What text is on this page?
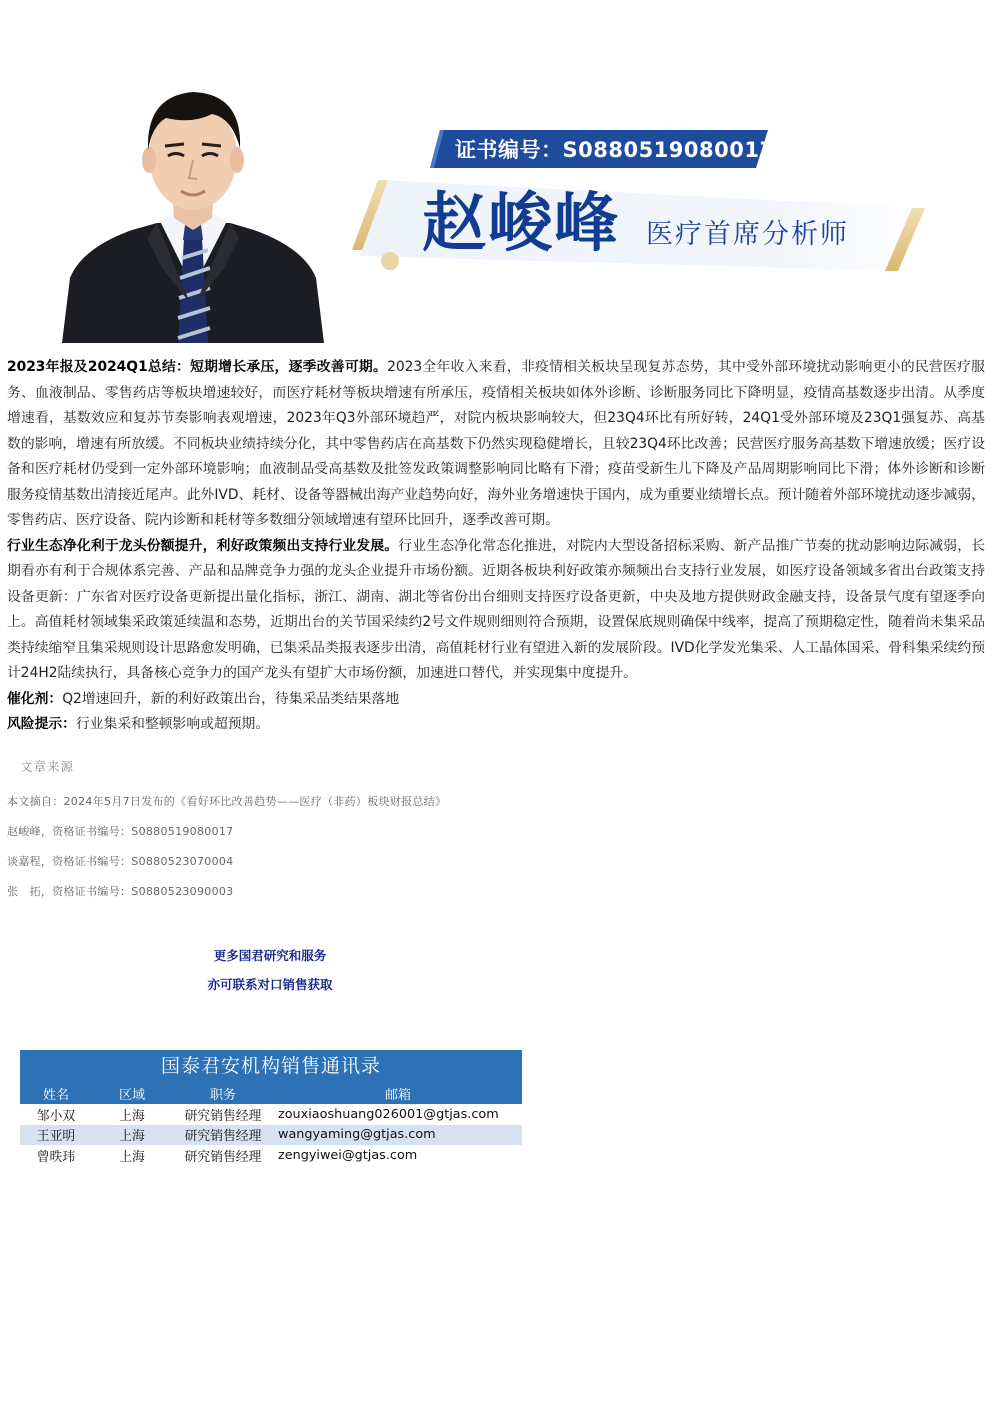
证书编号：S0880519080017
赵峻峰 医疗首席分析师

2023年报及2024Q1总结：短期增长承压，逐季改善可期。2023全年收入来看，非疫情相关板块呈现复苏态势，其中受外部环境扰动影响更小的民营医疗服务、血液制品、零售药店等板块增速较好，而医疗耗材等板块增速有所承压，疫情相关板块如体外诊断、诊断服务同比下降明显，疫情高基数逐步出清。从季度增速看，基数效应和复苏节奏影响表观增速，2023年Q3外部环境趋严，对院内板块影响较大，但23Q4环比有所好转，24Q1受外部环境及23Q1强复苏、高基数的影响，增速有所放缓。不同板块业绩持续分化，其中零售药店在高基数下仍然实现稳健增长，且较23Q4环比改善；民营医疗服务高基数下增速放缓；医疗设备和医疗耗材仍受到一定外部环境影响；血液制品受高基数及批签发政策调整影响同比略有下滑；疫苗受新生儿下降及产品周期影响同比下滑；体外诊断和诊断服务疫情基数出清接近尾声。此外IVD、耗材、设备等器械出海产业趋势向好，海外业务增速快于国内，成为重要业绩增长点。预计随着外部环境扰动逐步减弱，零售药店、医疗设备、院内诊断和耗材等多数细分领域增速有望环比回升，逐季改善可期。

行业生态净化利于龙头份额提升，利好政策频出支持行业发展。行业生态净化常态化推进，对院内大型设备招标采购、新产品推广节奏的扰动影响边际减弱，长期看亦有利于合规体系完善、产品和品牌竞争力强的龙头企业提升市场份额。近期各板块利好政策亦频频出台支持行业发展，如医疗设备领域多省出台政策支持设备更新：广东省对医疗设备更新提出量化指标，浙江、湖南、湖北等省份出台细则支持医疗设备更新，中央及地方提供财政金融支持，设备景气度有望逐季向上。高值耗材领域集采政策延续温和态势，近期出台的关节国采续约2号文件规则细则符合预期，设置保底规则确保中线率，提高了预期稳定性，随着尚未集采品类持续缩窄且集采规则设计思路愈发明确，已集采品类报表逐步出清，高值耗材行业有望进入新的发展阶段。IVD化学发光集采、人工晶体国采、骨科集采续约预计24H2陆续执行，具备核心竞争力的国产龙头有望扩大市场份额，加速进口替代，并实现集中度提升。

催化剂：Q2增速回升，新的利好政策出台，待集采品类结果落地

风险提示：行业集采和整顿影响或超预期。

文章来源
本文摘自：2024年5月7日发布的《看好环比改善趋势——医疗（非药）板块财报总结》
赵峻峰，资格证书编号：S0880519080017
谈嘉程，资格证书编号：S0880523070004
张　拓，资格证书编号：S0880523090003
更多国君研究和服务
亦可联系对口销售获取
国泰君安机构销售通讯录
姓名	区域	职务	邮箱
邹小双	上海	研究销售经理	zouxiaoshuang026001@gtjas.com
王亚明	上海	研究销售经理	wangyaming@gtjas.com
曾昳玮	上海	研究销售经理	zengyiwei@gtjas.com
